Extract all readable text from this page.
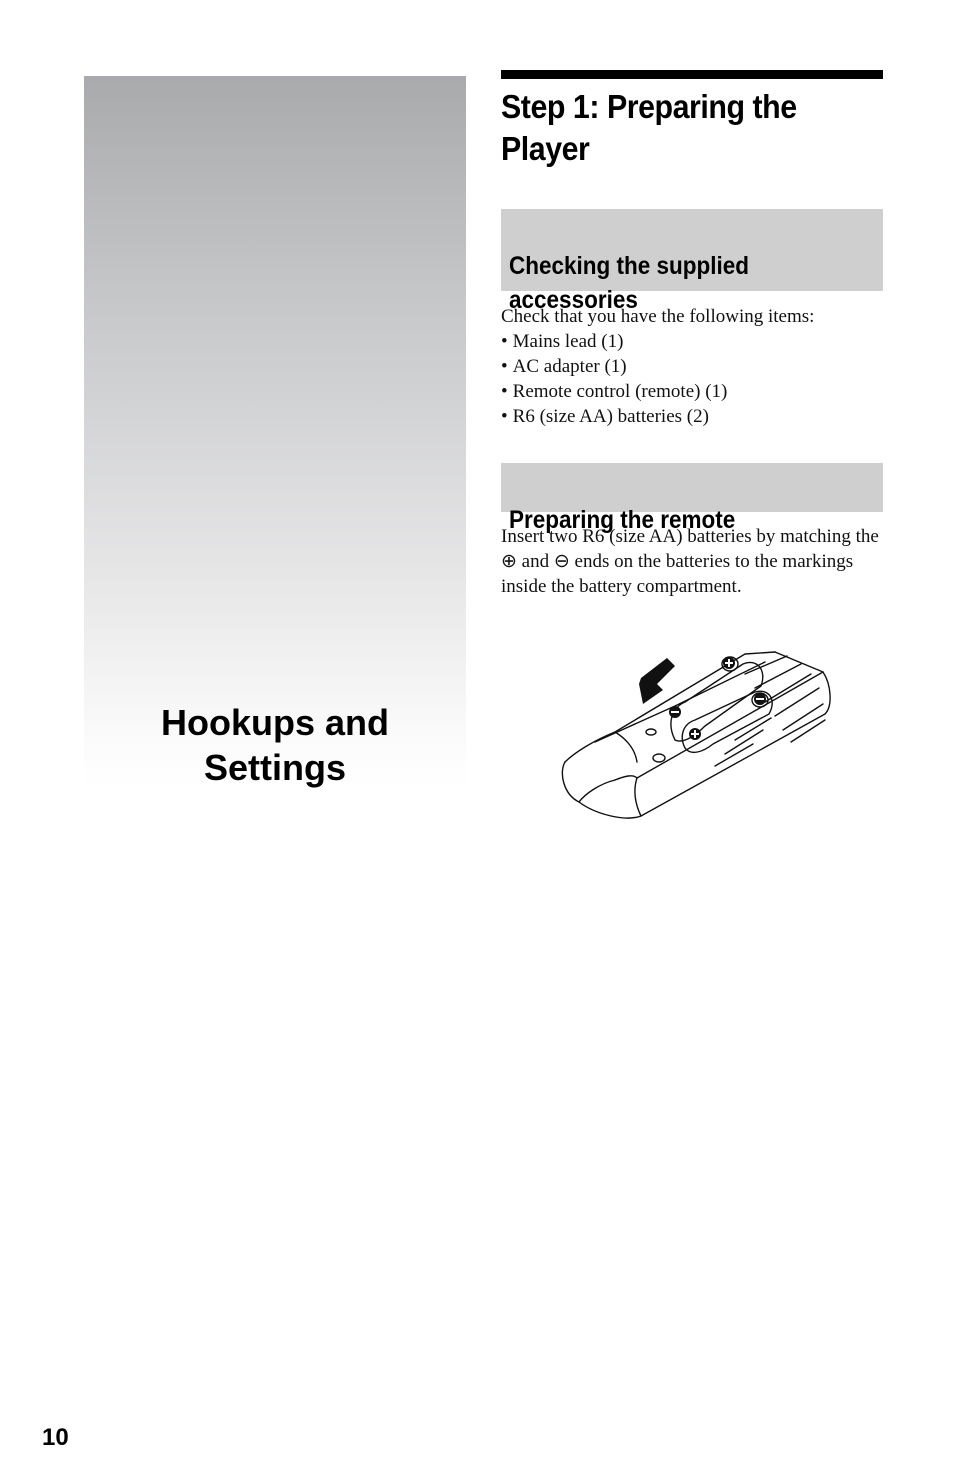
Hookups and
Settings
Step 1: Preparing the
Player

Checking the supplied
accessories

Check that you have the following items:
• Mains lead (1)
• AC adapter (1)
• Remote control (remote) (1)
• R6 (size AA) batteries (2)

Preparing the remote

Insert two R6 (size AA) batteries by matching the ⊕ and ⊖ ends on the batteries to the markings inside the battery compartment.
10
